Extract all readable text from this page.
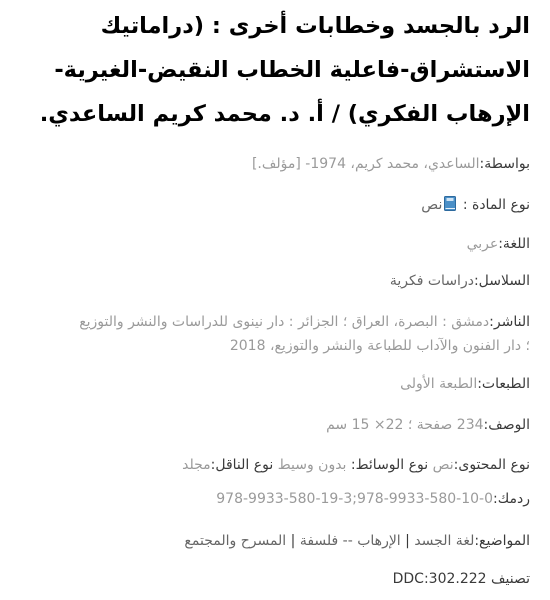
الرد بالجسد وخطابات أخرى : (دراماتيك الاستشراق-فاعلية الخطاب النقيض-الغيرية-الإرهاب الفكري) / أ. د. محمد كريم الساعدي.
بواسطة:الساعدي، محمد كريم، 1974- [مؤلف.]
نوع المادة : نص
اللغة:عربي
السلاسل:دراسات فكرية
الناشر:دمشق : البصرة، العراق ؛ الجزائر : دار نينوى للدراسات والنشر والتوزيع
؛ دار الفنون والآداب للطباعة والنشر والتوزيع، 2018
الطبعات:الطبعة الأولى
الوصف:234 صفحة ؛ 22× 15 سم
نوع المحتوى:نص نوع الوسائط: بدون وسيط نوع الناقل:مجلد
ردمك:978-9933-580-19-3;978-9933-580-10-0
المواضيع:لغة الجسد | الإرهاب -- فلسفة | المسرح والمجتمع
تصنيف DDC:302.222
